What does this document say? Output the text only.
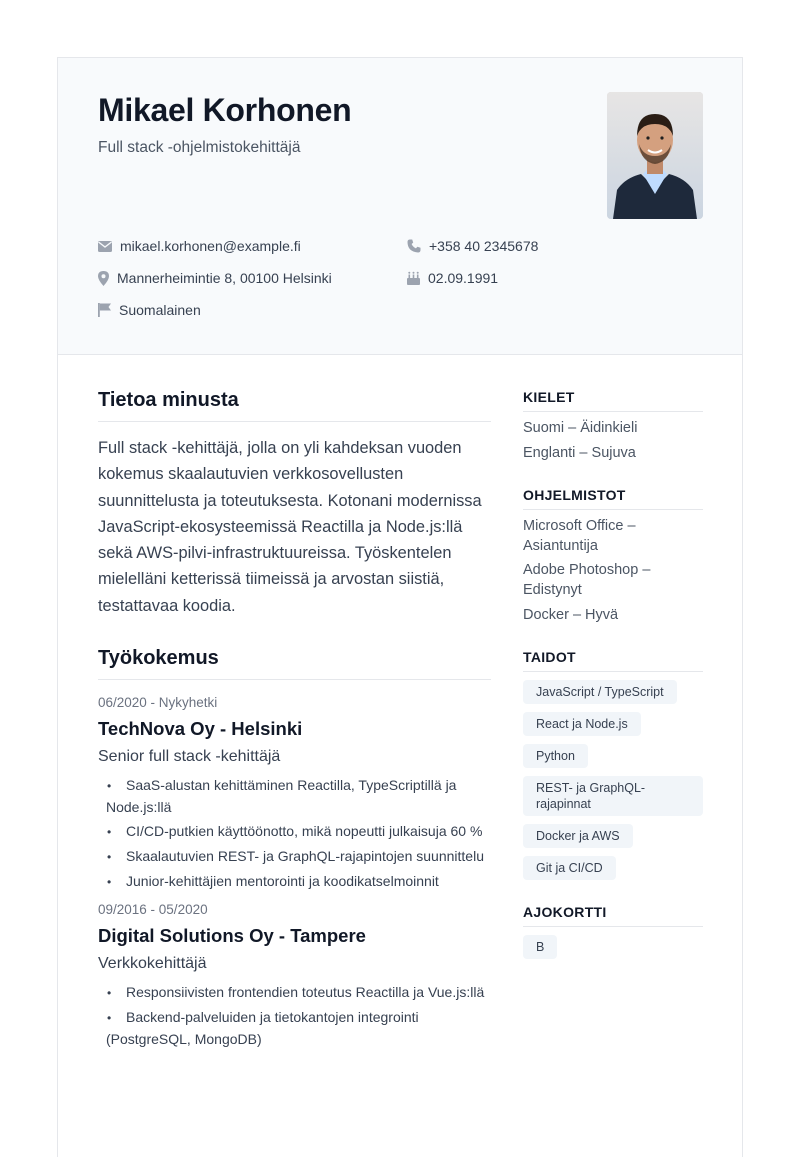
Mikael Korhonen
Full stack -ohjelmistokehittäjä
mikael.korhonen@example.fi	+358 40 2345678
Mannerheimintie 8, 00100 Helsinki	02.09.1991
Suomalainen
Tietoa minusta

Full stack -kehittäjä, jolla on yli kahdeksan vuoden kokemus skaalautuvien verkkosovellusten suunnittelusta ja toteutuksesta. Kotonani modernissa JavaScript-ekosysteemissä Reactilla ja Node.js:llä sekä AWS-pilvi-infrastruktuureissa. Työskentelen mielelläni ketterissä tiimeissä ja arvostan siistiä, testattavaa koodia.

Työkokemus
06/2020 - Nykyhetki
TechNova Oy - Helsinki
Senior full stack -kehittäjä
• SaaS-alustan kehittäminen Reactilla, TypeScriptillä ja Node.js:llä
• CI/CD-putkien käyttöönotto, mikä nopeutti julkaisuja 60 %
• Skaalautuvien REST- ja GraphQL-rajapintojen suunnittelu
• Junior-kehittäjien mentorointi ja koodikatselmoinnit
09/2016 - 05/2020
Digital Solutions Oy - Tampere
Verkkokehittäjä
• Responsiivisten frontendien toteutus Reactilla ja Vue.js:llä
• Backend-palveluiden ja tietokantojen integrointi (PostgreSQL, MongoDB)
KIELET
Suomi – Äidinkieli
Englanti – Sujuva
OHJELMISTOT
Microsoft Office – Asiantuntija
Adobe Photoshop – Edistynyt
Docker – Hyvä
TAIDOT
JavaScript / TypeScript
React ja Node.js
Python
REST- ja GraphQL-rajapinnat
Docker ja AWS
Git ja CI/CD
AJOKORTTI
B
